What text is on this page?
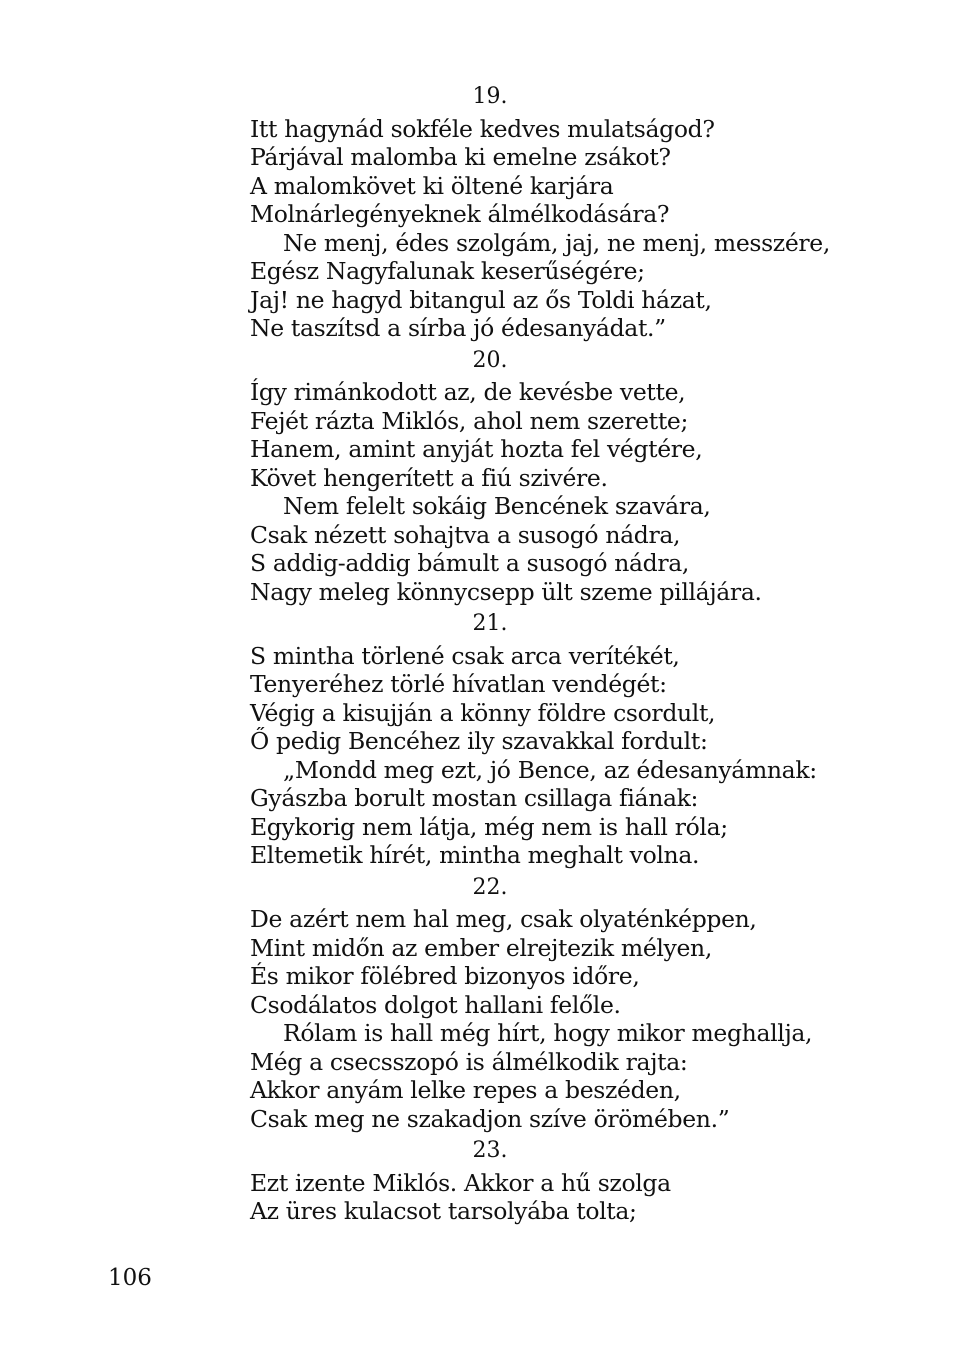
19.
Itt hagynád sokféle kedves mulatságod?
Párjával malomba ki emelne zsákot?
A malomkövet ki öltené karjára
Molnárlegényeknek álmélkodására?
Ne menj, édes szolgám, jaj, ne menj, messzére,
Egész Nagyfalunak keserűségére;
Jaj! ne hagyd bitangul az ős Toldi házat,
Ne taszítsd a sírba jó édesanyádat.”
20.
Így rimánkodott az, de kevésbe vette,
Fejét rázta Miklós, ahol nem szerette;
Hanem, amint anyját hozta fel végtére,
Követ hengerített a fiú szivére.
Nem felelt sokáig Bencének szavára,
Csak nézett sohajtva a susogó nádra,
S addig-addig bámult a susogó nádra,
Nagy meleg könnycsepp ült szeme pillájára.
21.
S mintha törlené csak arca verítékét,
Tenyeréhez törlé hívatlan vendégét:
Végig a kisujján a könny földre csordult,
Ő pedig Bencéhez ily szavakkal fordult:
„Mondd meg ezt, jó Bence, az édesanyámnak:
Gyászba borult mostan csillaga fiának:
Egykorig nem látja, még nem is hall róla;
Eltemetik hírét, mintha meghalt volna.
22.
De azért nem hal meg, csak olyaténképpen,
Mint midőn az ember elrejtezik mélyen,
És mikor fölébred bizonyos időre,
Csodálatos dolgot hallani felőle.
Rólam is hall még hírt, hogy mikor meghallja,
Még a csecsszopó is álmélkodik rajta:
Akkor anyám lelke repes a beszéden,
Csak meg ne szakadjon szíve örömében.”
23.
Ezt izente Miklós. Akkor a hű szolga
Az üres kulacsot tarsolyába tolta;
106
